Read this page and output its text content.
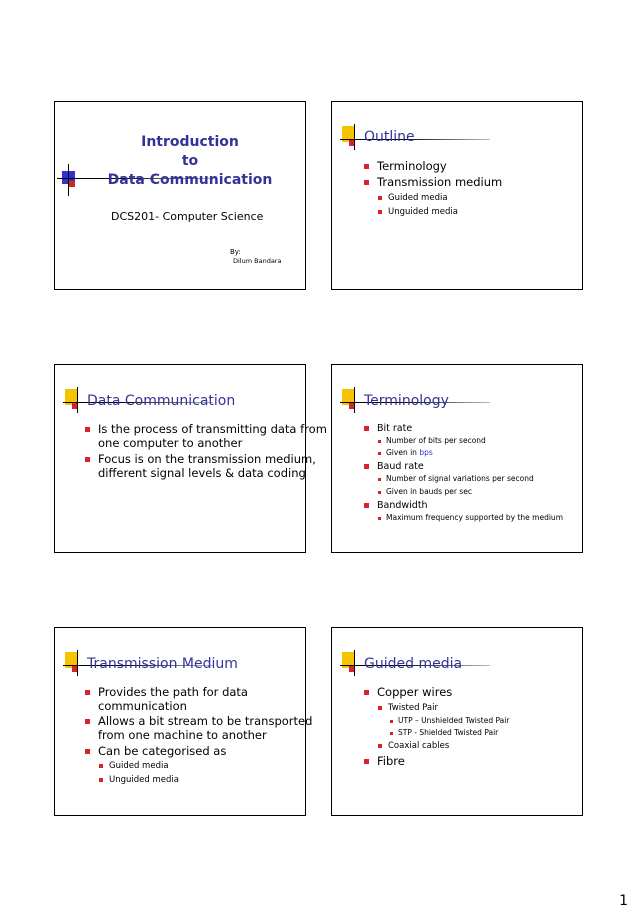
Introduction
to
Data Communication
DCS201- Computer Science
By:
Dilum Bandara
Outline
Terminology
Transmission medium
Guided media
Unguided media
Data Communication
Is the process of transmitting data from
one computer to another
Focus is on the transmission medium,
different signal levels & data coding
Terminology
Bit rate
Number of bits per second
Given in bps
Baud rate
Number of signal variations per second
Given in bauds per sec
Bandwidth
Maximum frequency supported by the medium
Transmission Medium
Provides the path for data
communication
Allows a bit stream to be transported
from one machine to another
Can be categorised as
Guided media
Unguided media
Guided media
Copper wires
Twisted Pair
UTP – Unshielded Twisted Pair
STP - Shielded Twisted Pair
Coaxial cables
Fibre
1
